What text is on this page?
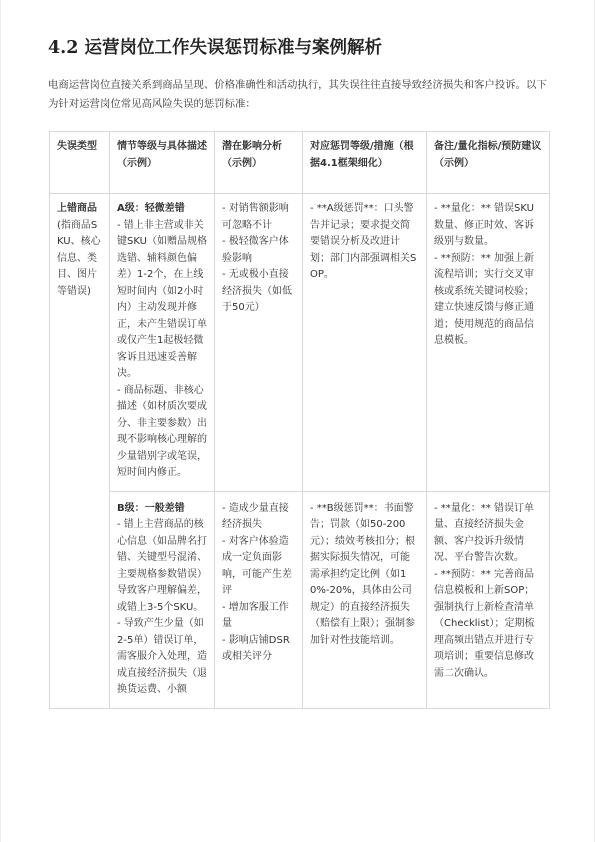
4.2 运营岗位工作失误惩罚标准与案例解析

电商运营岗位直接关系到商品呈现、价格准确性和活动执行，其失误往往直接导致经济损失和客户投诉。以下为针对运营岗位常见高风险失误的惩罚标准：

失误类型	情节等级与具体描述（示例）	潜在影响分析（示例）	对应惩罚等级/措施（根据4.1框架细化）	备注/量化指标/预防建议（示例）
上错商品(指商品SKU、核心信息、类目、图片等错误)	A级：轻微差错
- 错上非主营或非关键SKU（如赠品规格选错、辅料颜色偏差）1-2个，在上线短时间内（如2小时内）主动发现并修正，未产生错误订单或仅产生1起极轻微客诉且迅速妥善解决。
- 商品标题、非核心描述（如材质次要成分、非主要参数）出现不影响核心理解的少量错别字或笔误，短时间内修正。	- 对销售额影响可忽略不计
- 极轻微客户体验影响
- 无或极小直接经济损失（如低于50元）	- **A级惩罚**：口头警告并记录；要求提交简要错误分析及改进计划；部门内部强调相关SOP。	- **量化：** 错误SKU数量、修正时效、客诉级别与数量。
- **预防：** 加强上新流程培训；实行交叉审核或系统关键词校验；建立快速反馈与修正通道；使用规范的商品信息模板。

	B级：一般差错
- 错上主营商品的核心信息（如品牌名打错、关键型号混淆、主要规格参数错误）导致客户理解偏差，或错上3-5个SKU。
- 导致产生少量（如2-5单）错误订单，需客服介入处理，造成直接经济损失（退换货运费、小额	- 造成少量直接经济损失
- 对客户体验造成一定负面影响，可能产生差评
- 增加客服工作量
- 影响店铺DSR或相关评分	- **B级惩罚**：书面警告；罚款（如50-200元）；绩效考核扣分；根据实际损失情况，可能需承担约定比例（如10%-20%，具体由公司规定）的直接经济损失（赔偿有上限）；强制参加针对性技能培训。	- **量化：** 错误订单量、直接经济损失金额、客户投诉升级情况、平台警告次数。
- **预防：** 完善商品信息模板和上新SOP；强制执行上新检查清单（Checklist）；定期梳理高频出错点并进行专项培训；重要信息修改需二次确认。
